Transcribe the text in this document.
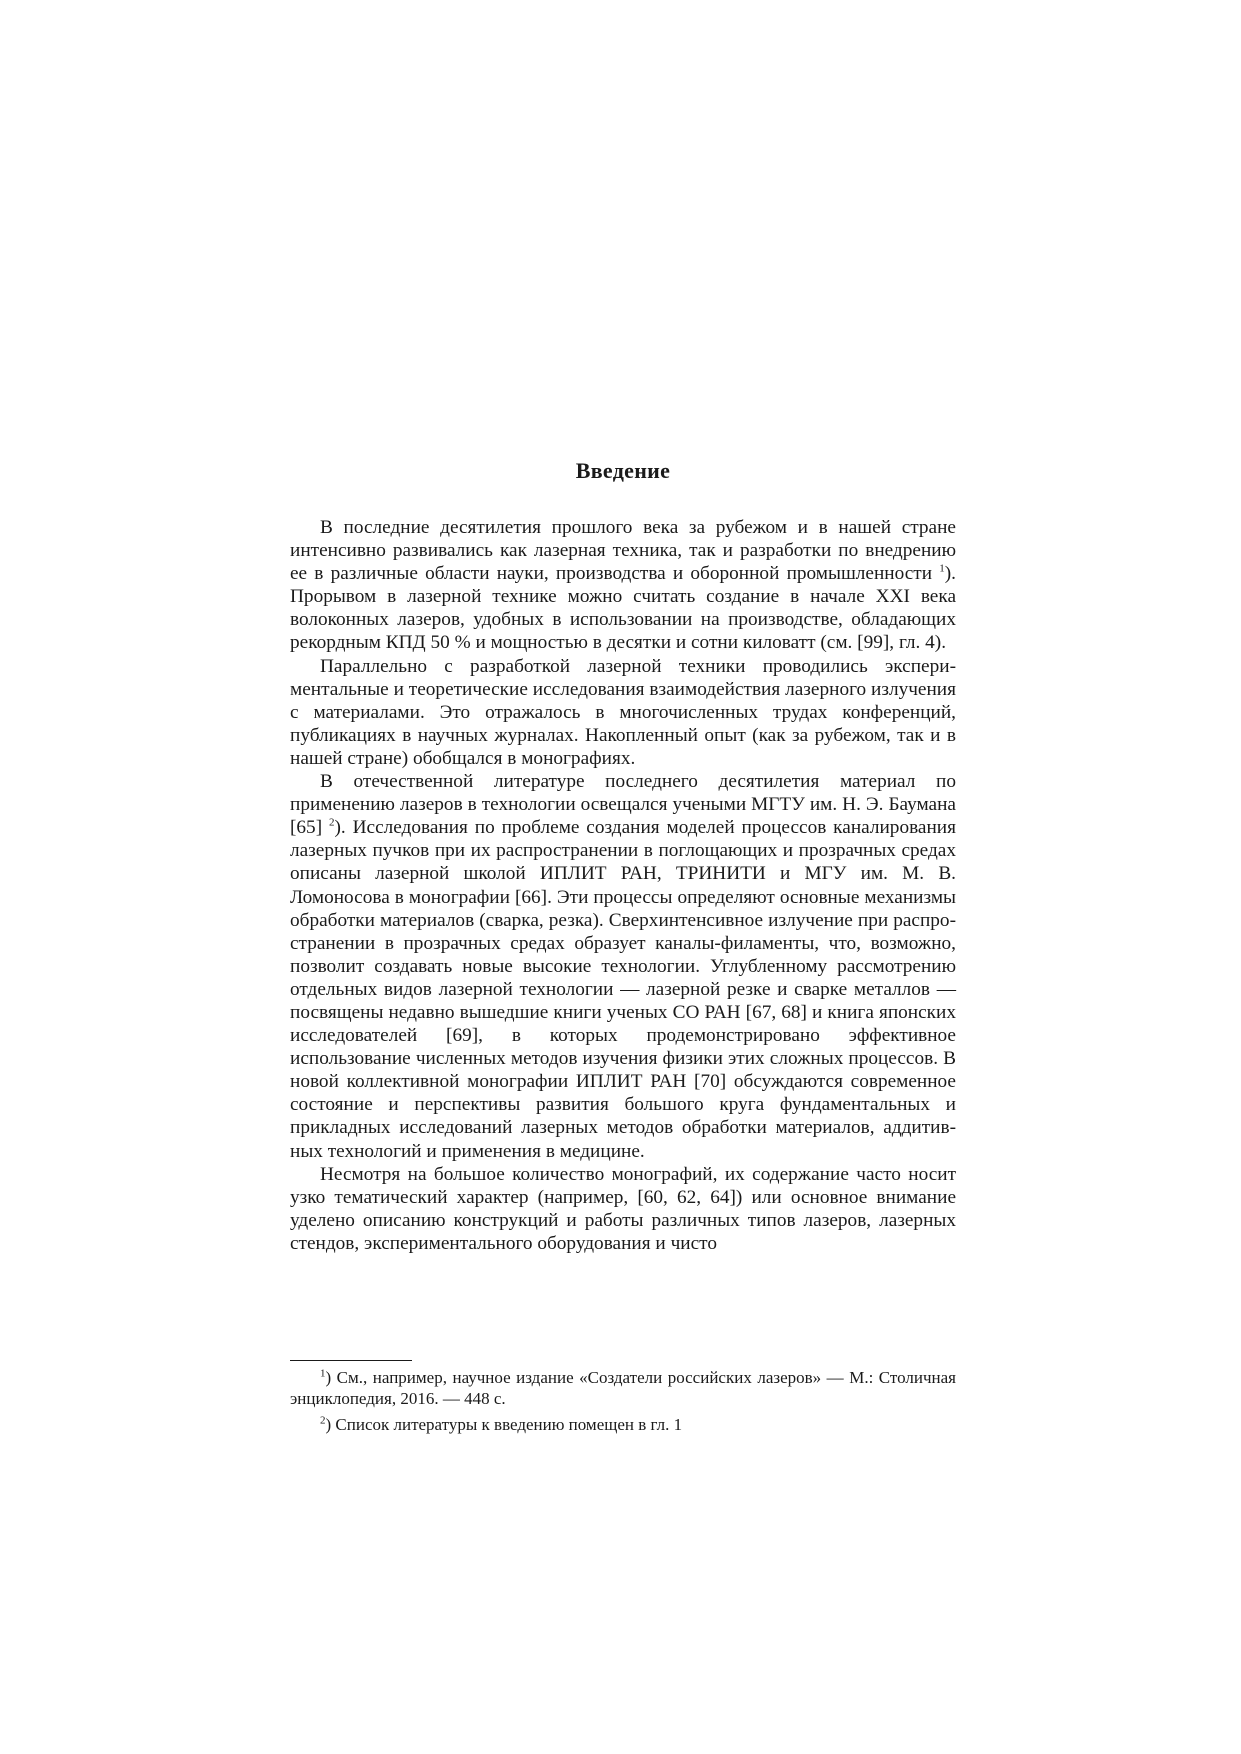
Введение

В последние десятилетия прошлого века за рубежом и в нашей стране интенсивно развивались как лазерная техника, так и разработки по внедрению ее в различные области науки, производства и оборонной промышленности $^1$). Прорывом в лазерной технике можно считать создание в начале XXI века волоконных лазеров, удобных в использовании на производстве, обладающих рекордным КПД 50 % и мощностью в десятки и сотни киловатт (см. [99], гл. 4).

Параллельно с разработкой лазерной техники проводились экспериментальные и теоретические исследования взаимодействия лазерного излучения с материалами. Это отражалось в многочисленных трудах конференций, публикациях в научных журналах. Накопленный опыт (как за рубежом, так и в нашей стране) обобщался в монографиях.

В отечественной литературе последнего десятилетия материал по применению лазеров в технологии освещался учеными МГТУ им. Н. Э. Баумана [65] $^2$). Исследования по проблеме создания моделей процессов каналирования лазерных пучков при их распространении в поглощающих и прозрачных средах описаны лазерной школой ИПЛИТ РАН, ТРИНИТИ и МГУ им. М. В. Ломоносова в монографии [66]. Эти процессы определяют основные механизмы обработки материалов (сварка, резка). Сверхинтенсивное излучение при распространении в прозрачных средах образует каналы-филаменты, что, возможно, позволит создавать новые высокие технологии. Углубленному рассмотрению отдельных видов лазерной технологии — лазерной резке и сварке металлов — посвящены недавно вышедшие книги ученых СО РАН [67, 68] и книга японских исследователей [69], в которых продемонстрировано эффективное использование численных методов изучения физики этих сложных процессов. В новой коллективной монографии ИПЛИТ РАН [70] обсуждаются современное состояние и перспективы развития большого круга фундаментальных и прикладных исследований лазерных методов обработки материалов, аддитивных технологий и применения в медицине.

Несмотря на большое количество монографий, их содержание часто носит узко тематический характер (например, [60, 62, 64]) или основное внимание уделено описанию конструкций и работы различных типов лазеров, лазерных стендов, экспериментального оборудования и чисто

$^1$) См., например, научное издание «Создатели российских лазеров» — М.: Столичная энциклопедия, 2016. — 448 с.

$^2$) Список литературы к введению помещен в гл. 1
